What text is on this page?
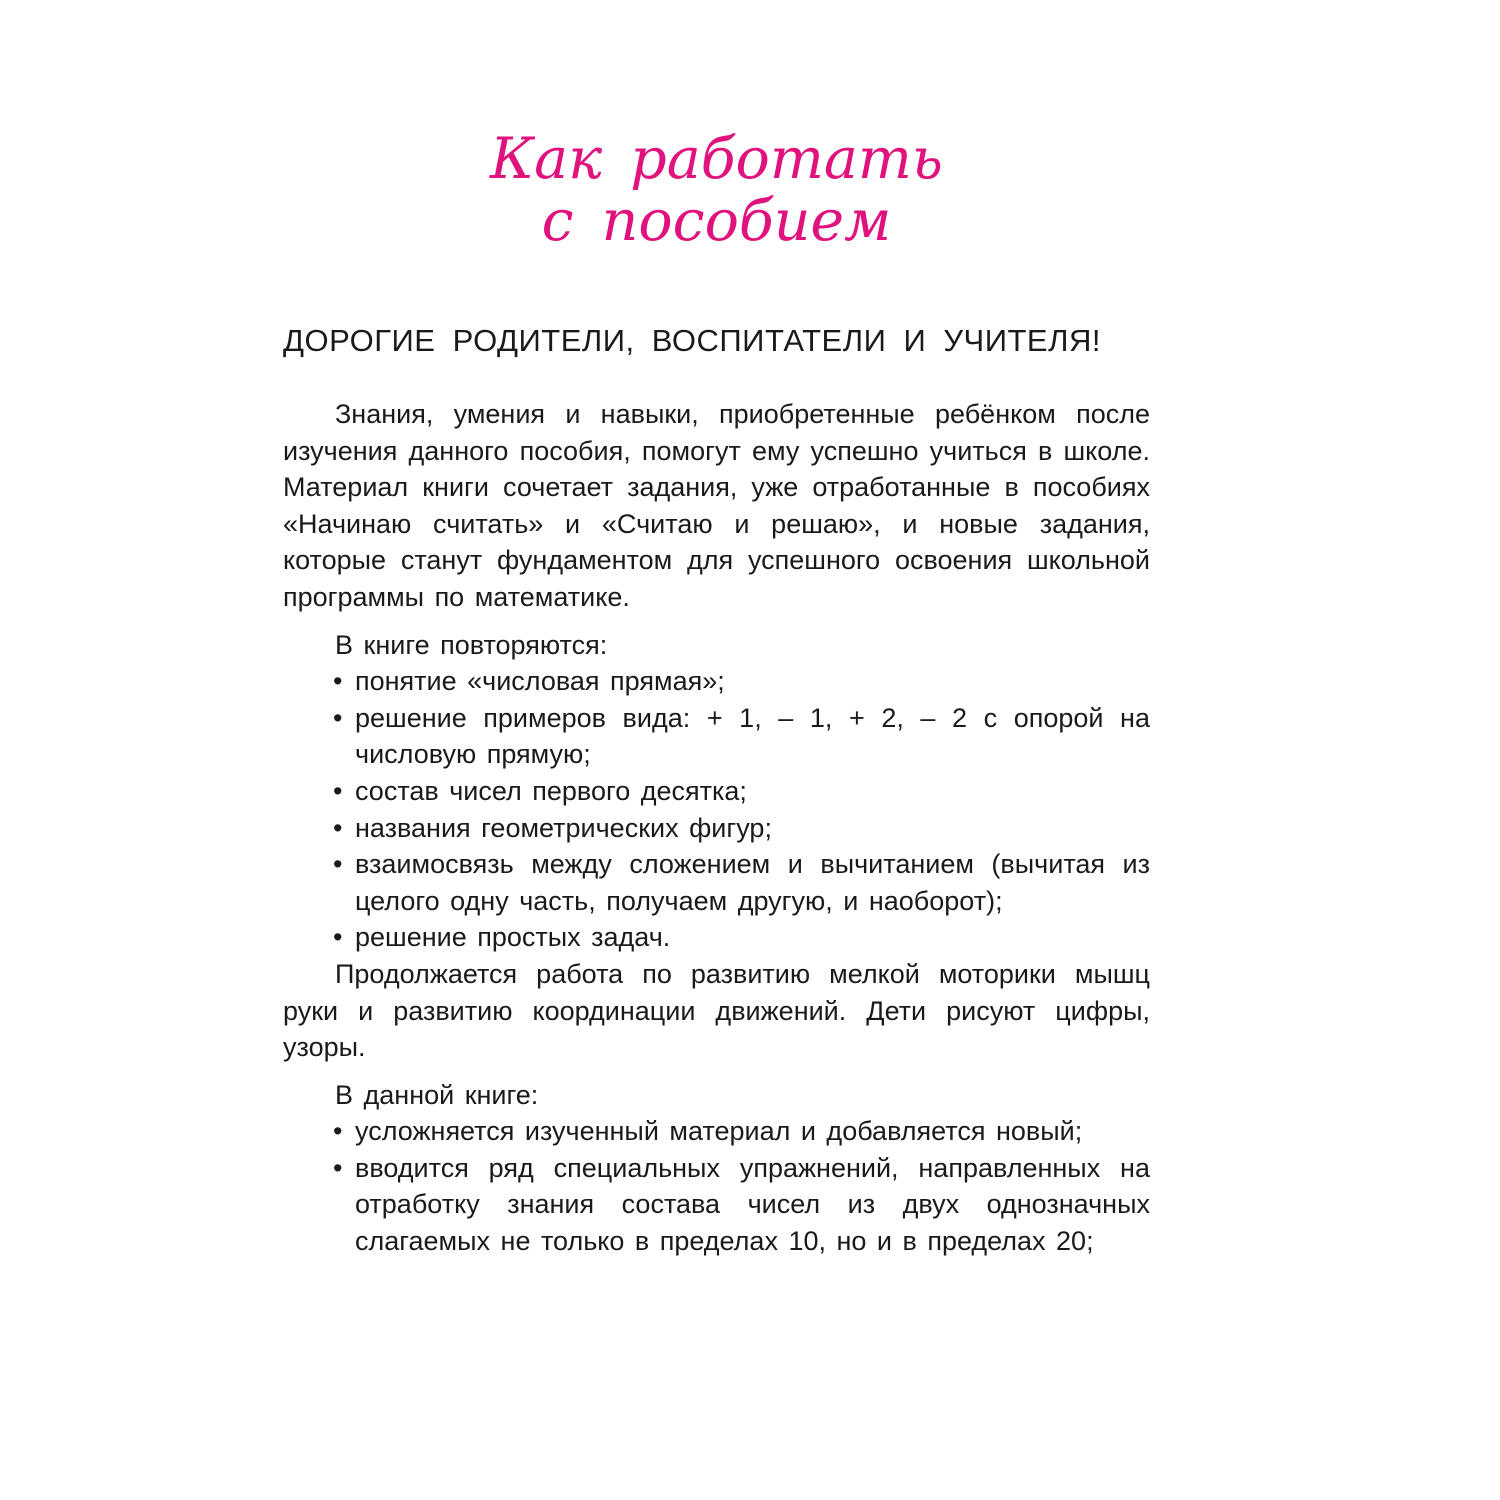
Как работать
с пособием
ДОРОГИЕ РОДИТЕЛИ, ВОСПИТАТЕЛИ И УЧИТЕЛЯ!

Знания, умения и навыки, приобретенные ребёнком после изучения данного пособия, помогут ему успешно учиться в школе. Материал книги сочетает задания, уже отработанные в пособиях «Начинаю считать» и «Считаю и решаю», и новые задания, которые станут фундаментом для успешного освоения школьной программы по математике.

В книге повторяются:

• понятие «числовая прямая»;
• решение примеров вида: + 1, – 1, + 2, – 2 с опорой на числовую прямую;
• состав чисел первого десятка;
• названия геометрических фигур;
• взаимосвязь между сложением и вычитанием (вычитая из целого одну часть, получаем другую, и наоборот);
• решение простых задач.

Продолжается работа по развитию мелкой моторики мышц руки и развитию координации движений. Дети рисуют цифры, узоры.

В данной книге:

• усложняется изученный материал и добавляется новый;
• вводится ряд специальных упражнений, направленных на отработку знания состава чисел из двух однозначных слагаемых не только в пределах 10, но и в пределах 20;
